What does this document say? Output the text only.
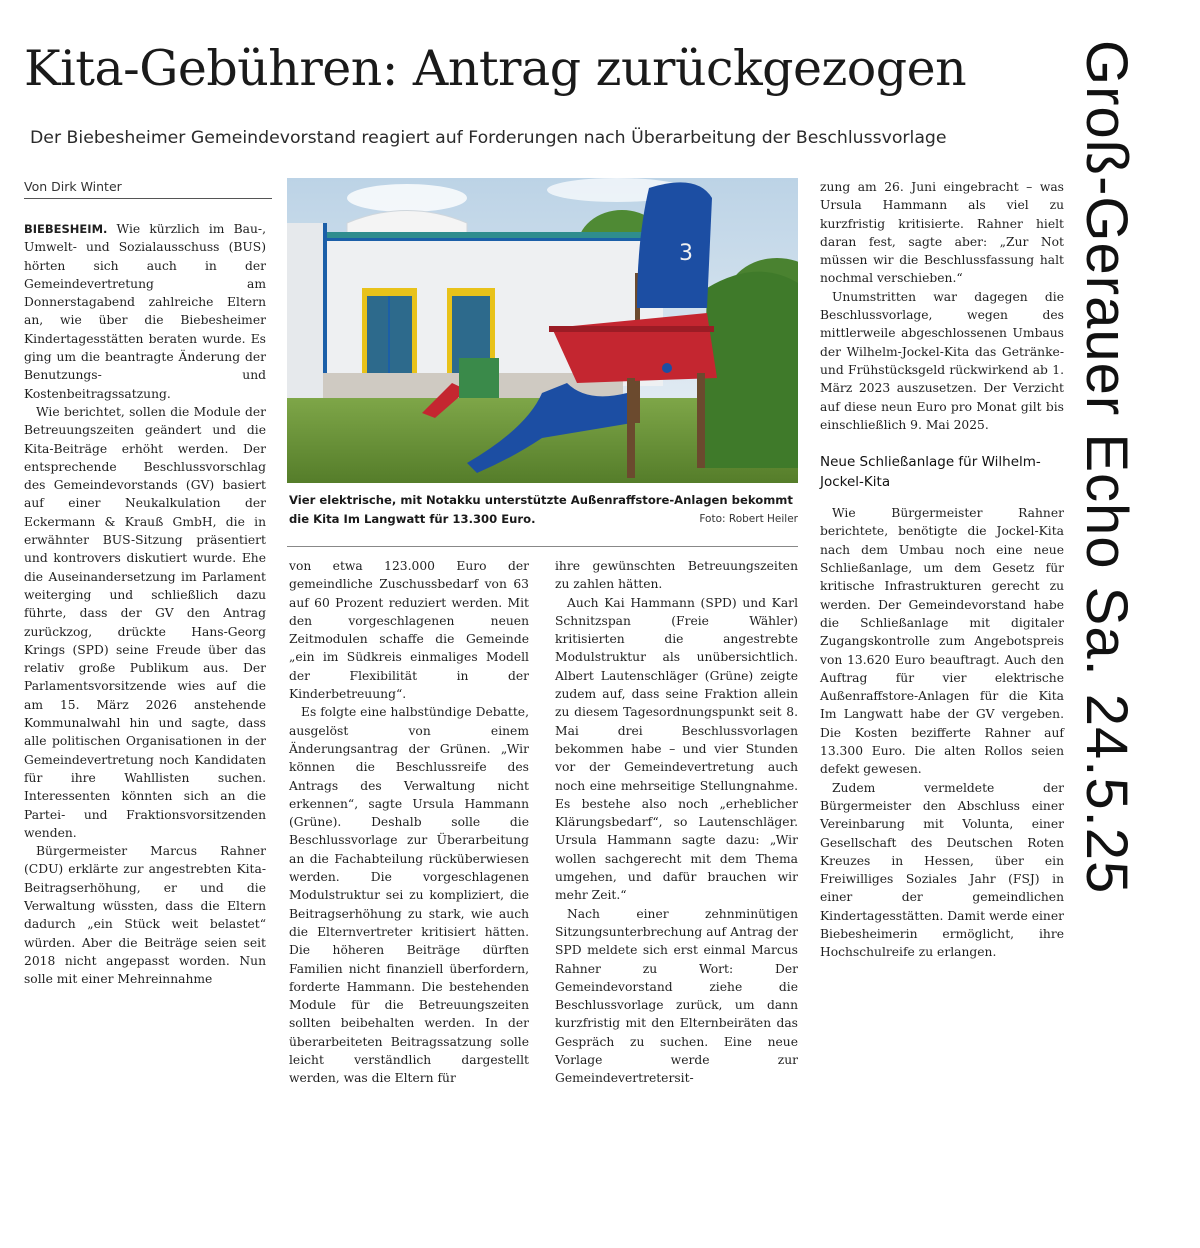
Kita-Gebühren: Antrag zurückgezogen
Der Biebesheimer Gemeindevorstand reagiert auf Forderungen nach Überarbeitung der Beschlussvorlage	Groß-Gerauer Echo Sa. 24.5.25
Von Dirk Winter

BIEBESHEIM. Wie kürzlich im Bau-, Umwelt- und Sozialausschuss (BUS) hörten sich auch in der Gemeindevertretung am Donnerstagabend zahlreiche Eltern an, wie über die Biebesheimer Kindertagesstätten beraten wurde. Es ging um die beantragte Änderung der Benutzungs- und Kostenbeitragssatzung.

Wie berichtet, sollen die Module der Betreuungszeiten geändert und die Kita-Beiträge erhöht werden. Der entsprechende Beschlussvorschlag des Gemeindevorstands (GV) basiert auf einer Neukalkulation der Eckermann & Krauß GmbH, die in erwähnter BUS-Sitzung präsentiert und kontrovers diskutiert wurde. Ehe die Auseinandersetzung im Parlament weiterging und schließlich dazu führte, dass der GV den Antrag zurückzog, drückte Hans-Georg Krings (SPD) seine Freude über das relativ große Publikum aus. Der Parlamentsvorsitzende wies auf die am 15. März 2026 anstehende Kommunalwahl hin und sagte, dass alle politischen Organisationen in der Gemeindevertretung noch Kandidaten für ihre Wahllisten suchen. Interessenten könnten sich an die Partei- und Fraktionsvorsitzenden wenden.

Bürgermeister Marcus Rahner (CDU) erklärte zur angestrebten Kita-Beitragserhöhung, er und die Verwaltung wüssten, dass die Eltern dadurch „ein Stück weit belastet“ würden. Aber die Beiträge seien seit 2018 nicht angepasst worden. Nun solle mit einer Mehreinnahme

3
Vier elektrische, mit Notakku unterstützte Außenraffstore-Anlagen bekommt die Kita Im Langwatt für 13.300 Euro.	Foto: Robert Heiler

von etwa 123.000 Euro der gemeindliche Zuschussbedarf von 63 auf 60 Prozent reduziert werden. Mit den vorgeschlagenen neuen Zeitmodulen schaffe die Gemeinde „ein im Südkreis einmaliges Modell der Flexibilität in der Kinderbetreuung“.

Es folgte eine halbstündige Debatte, ausgelöst von einem Änderungsantrag der Grünen. „Wir können die Beschlussreife des Antrags des Verwaltung nicht erkennen“, sagte Ursula Hammann (Grüne). Deshalb solle die Beschlussvorlage zur Überarbeitung an die Fachabteilung rücküberwiesen werden. Die vorgeschlagenen Modulstruktur sei zu kompliziert, die Beitragserhöhung zu stark, wie auch die Elternvertreter kritisiert hätten. Die höheren Beiträge dürften Familien nicht finanziell überfordern, forderte Hammann. Die bestehenden Module für die Betreuungszeiten sollten beibehalten werden. In der überarbeiteten Beitragssatzung solle leicht verständlich dargestellt werden, was die Eltern für

ihre gewünschten Betreuungszeiten zu zahlen hätten.

Auch Kai Hammann (SPD) und Karl Schnitzspan (Freie Wähler) kritisierten die angestrebte Modulstruktur als unübersichtlich. Albert Lautenschläger (Grüne) zeigte zudem auf, dass seine Fraktion allein zu diesem Tagesordnungspunkt seit 8. Mai drei Beschlussvorlagen bekommen habe – und vier Stunden vor der Gemeindevertretung auch noch eine mehrseitige Stellungnahme. Es bestehe also noch „erheblicher Klärungsbedarf“, so Lautenschläger. Ursula Hammann sagte dazu: „Wir wollen sachgerecht mit dem Thema umgehen, und dafür brauchen wir mehr Zeit.“

Nach einer zehnminütigen Sitzungsunterbrechung auf Antrag der SPD meldete sich erst einmal Marcus Rahner zu Wort: Der Gemeindevorstand ziehe die Beschlussvorlage zurück, um dann kurzfristig mit den Elternbeiräten das Gespräch zu suchen. Eine neue Vorlage werde zur Gemeindevertretersit-

zung am 26. Juni eingebracht – was Ursula Hammann als viel zu kurzfristig kritisierte. Rahner hielt daran fest, sagte aber: „Zur Not müssen wir die Beschlussfassung halt nochmal verschieben.“

Unumstritten war dagegen die Beschlussvorlage, wegen des mittlerweile abgeschlossenen Umbaus der Wilhelm-Jockel-Kita das Getränke- und Frühstücksgeld rückwirkend ab 1. März 2023 auszusetzen. Der Verzicht auf diese neun Euro pro Monat gilt bis einschließlich 9. Mai 2025.

Neue Schließanlage für Wilhelm-Jockel-Kita

Wie Bürgermeister Rahner berichtete, benötigte die Jockel-Kita nach dem Umbau noch eine neue Schließanlage, um dem Gesetz für kritische Infrastrukturen gerecht zu werden. Der Gemeindevorstand habe die Schließanlage mit digitaler Zugangskontrolle zum Angebotspreis von 13.620 Euro beauftragt. Auch den Auftrag für vier elektrische Außenraffstore-Anlagen für die Kita Im Langwatt habe der GV vergeben. Die Kosten bezifferte Rahner auf 13.300 Euro. Die alten Rollos seien defekt gewesen.

Zudem vermeldete der Bürgermeister den Abschluss einer Vereinbarung mit Volunta, einer Gesellschaft des Deutschen Roten Kreuzes in Hessen, über ein Freiwilliges Soziales Jahr (FSJ) in einer der gemeindlichen Kindertagesstätten. Damit werde einer Biebesheimerin ermöglicht, ihre Hochschulreife zu erlangen.
